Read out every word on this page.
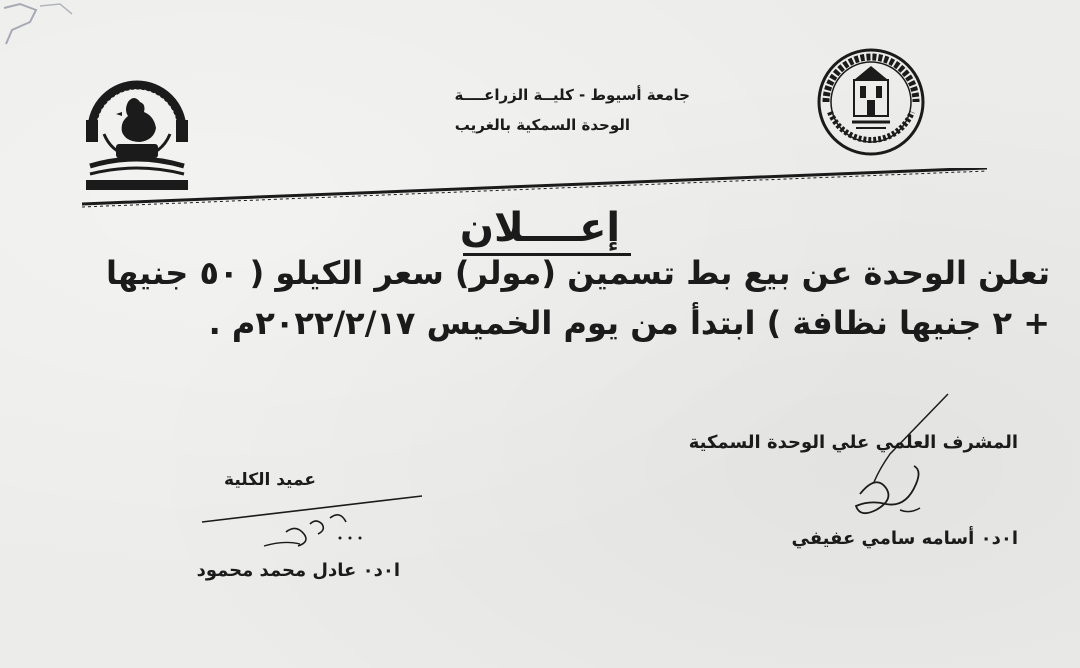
جامعة أسيوط - كليــة الزراعــــة
الوحدة السمكية بالغريب
إعــــلان
تعلن الوحدة عن بيع بط تسمين (مولر) سعر الكيلو ( ٥٠ جنيها
+ ٢ جنيها نظافة ) ابتدأ من يوم الخميس ٢٠٢٢/٢/١٧م .
المشرف العلمي علي الوحدة السمكية
ا٠د٠ أسامه سامي عفيفي
عميد الكلية
ا٠د٠ عادل محمد محمود
